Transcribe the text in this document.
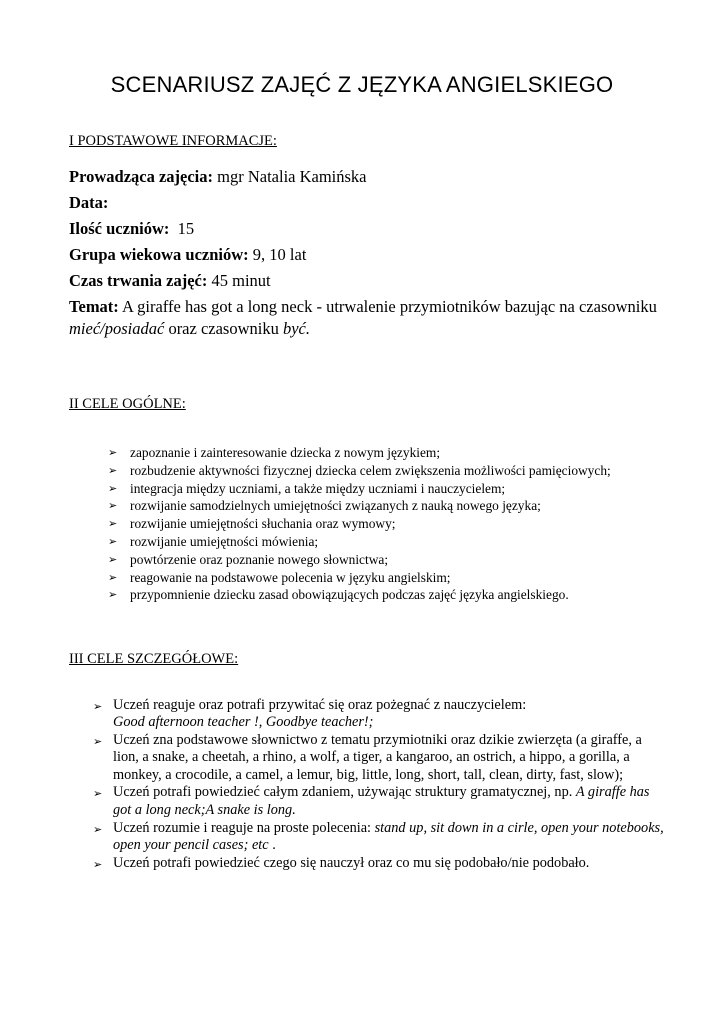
SCENARIUSZ ZAJĘĆ Z JĘZYKA ANGIELSKIEGO
I PODSTAWOWE INFORMACJE:

Prowadząca zajęcia: mgr Natalia Kamińska

Data:

Ilość uczniów:  15

Grupa wiekowa uczniów: 9, 10 lat

Czas trwania zajęć: 45 minut

Temat: A giraffe has got a long neck - utrwalenie przymiotników bazując na czasowniku mieć/posiadać oraz czasowniku być.

II CELE OGÓLNE:
➢ zapoznanie i zainteresowanie dziecka z nowym językiem;
➢ rozbudzenie aktywności fizycznej dziecka celem zwiększenia możliwości pamięciowych;
➢ integracja między uczniami, a także między uczniami i nauczycielem;
➢ rozwijanie samodzielnych umiejętności związanych z nauką nowego języka;
➢ rozwijanie umiejętności słuchania oraz wymowy;
➢ rozwijanie umiejętności mówienia;
➢ powtórzenie oraz poznanie nowego słownictwa;
➢ reagowanie na podstawowe polecenia w języku angielskim;
➢ przypomnienie dziecku zasad obowiązujących podczas zajęć języka angielskiego.
III CELE SZCZEGÓŁOWE:
➢ Uczeń reaguje oraz potrafi przywitać się oraz pożegnać z nauczycielem:
Good afternoon teacher !, Goodbye teacher!;
➢ Uczeń zna podstawowe słownictwo z tematu przymiotniki oraz dzikie zwierzęta (a giraffe, a lion, a snake, a cheetah, a rhino, a wolf, a tiger, a kangaroo, an ostrich, a hippo, a gorilla, a monkey, a crocodile, a camel, a lemur, big, little, long, short, tall, clean, dirty, fast, slow);
➢ Uczeń potrafi powiedzieć całym zdaniem, używając struktury gramatycznej, np. A giraffe has got a long neck;A snake is long.
➢ Uczeń rozumie i reaguje na proste polecenia: stand up, sit down in a cirle, open your notebooks, open your pencil cases; etc .
➢ Uczeń potrafi powiedzieć czego się nauczył oraz co mu się podobało/nie podobało.
